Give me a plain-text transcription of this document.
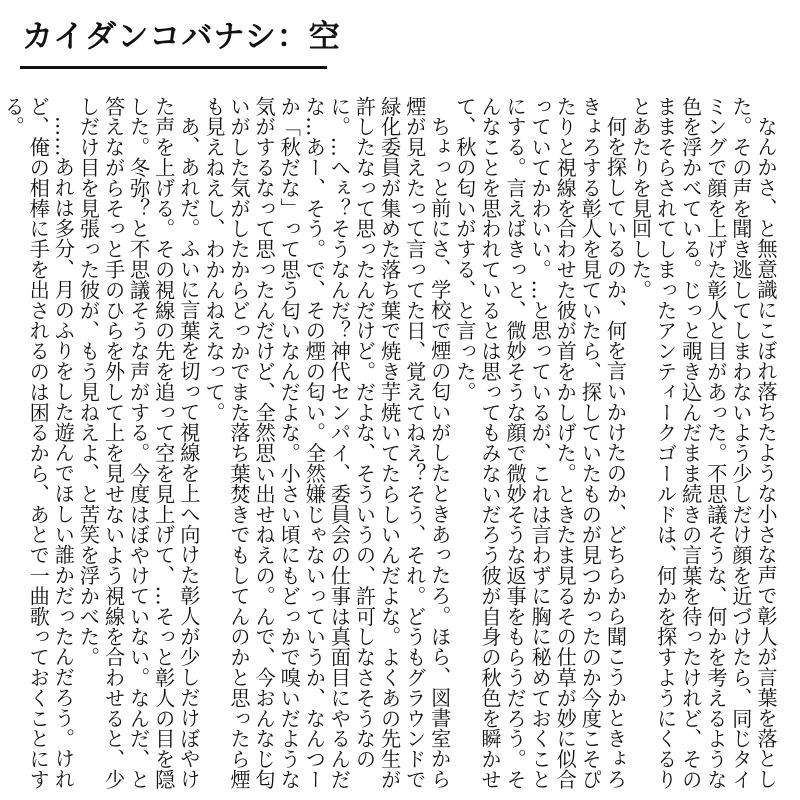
カイダンコバナシ：空

なんかさ、と無意識にこぼれ落ちたような小さな声で彰人が言葉を落とした。その声を聞き逃してしまわないよう少しだけ顔を近づけたら、同じタイミングで顔を上げた彰人と目があった。不思議そうな、何かを考えるような色を浮かべている。じっと覗き込んだまま続きの言葉を待ったけれど、そのままそらされてしまったアンティークゴールドは、何かを探すようにくるりとあたりを見回した。

何を探しているのか、何を言いかけたのか、どちらから聞こうかときょろきょろする彰人を見ていたら、探していたものが見つかったのか今度こそぴたりと視線を合わせた彼が首をかしげた。ときたま見るその仕草が妙に似合っていてかわいい。…と思っているが、これは言わずに胸に秘めておくことにする。言えばきっと、微妙そうな顔で微妙そうな返事をもらうだろう。そんなことを思われているとは思ってもみないだろう彼が自身の秋色を瞬かせて、秋の匂いがする、と言った。

ちょっと前にさ、学校で煙の匂いがしたときあったろ。ほら、図書室から煙が見えたって言ってた日、覚えてねえ？そう、それ。どうもグラウンドで緑化委員が集めた落ち葉で焼き芋焼いてたらしいんだよな。よくあの先生が許したなって思ったんだけど。だよな、そういうの、許可しなさそうなのに。…へぇ？そうなんだ？神代センパイ、委員会の仕事は真面目にやるんだな…あー、そう。で、その煙の匂い。全然嫌じゃないっていうか、なんつーか「秋だな」って思う匂いなんだよな。小さい頃にもどっかで嗅いだような気がするなって思ったんだけど、全然思い出せねえの。んで、今おんなじ匂いがした気がしたからどっかでまた落ち葉焚きでもしてんのかと思ったら煙も見えねえし、わかんねえなって。

あ、あれだ。ふいに言葉を切って視線を上へ向けた彰人が少しだけぼやけた声を上げる。その視線の先を追って空を見上げて、…そっと彰人の目を隠した。冬弥？と不思議そうな声がする。今度はぼやけていない。なんだ、と答えながらそっと手のひらを外して上を見せないよう視線を合わせると、少しだけ目を見張った彼が、もう見ねえよ、と苦笑を浮かべた。

……あれは多分、月のふりをした遊んでほしい誰かだったんだろう。けれど、俺の相棒に手を出されるのは困るから、あとで一曲歌っておくことにする。
